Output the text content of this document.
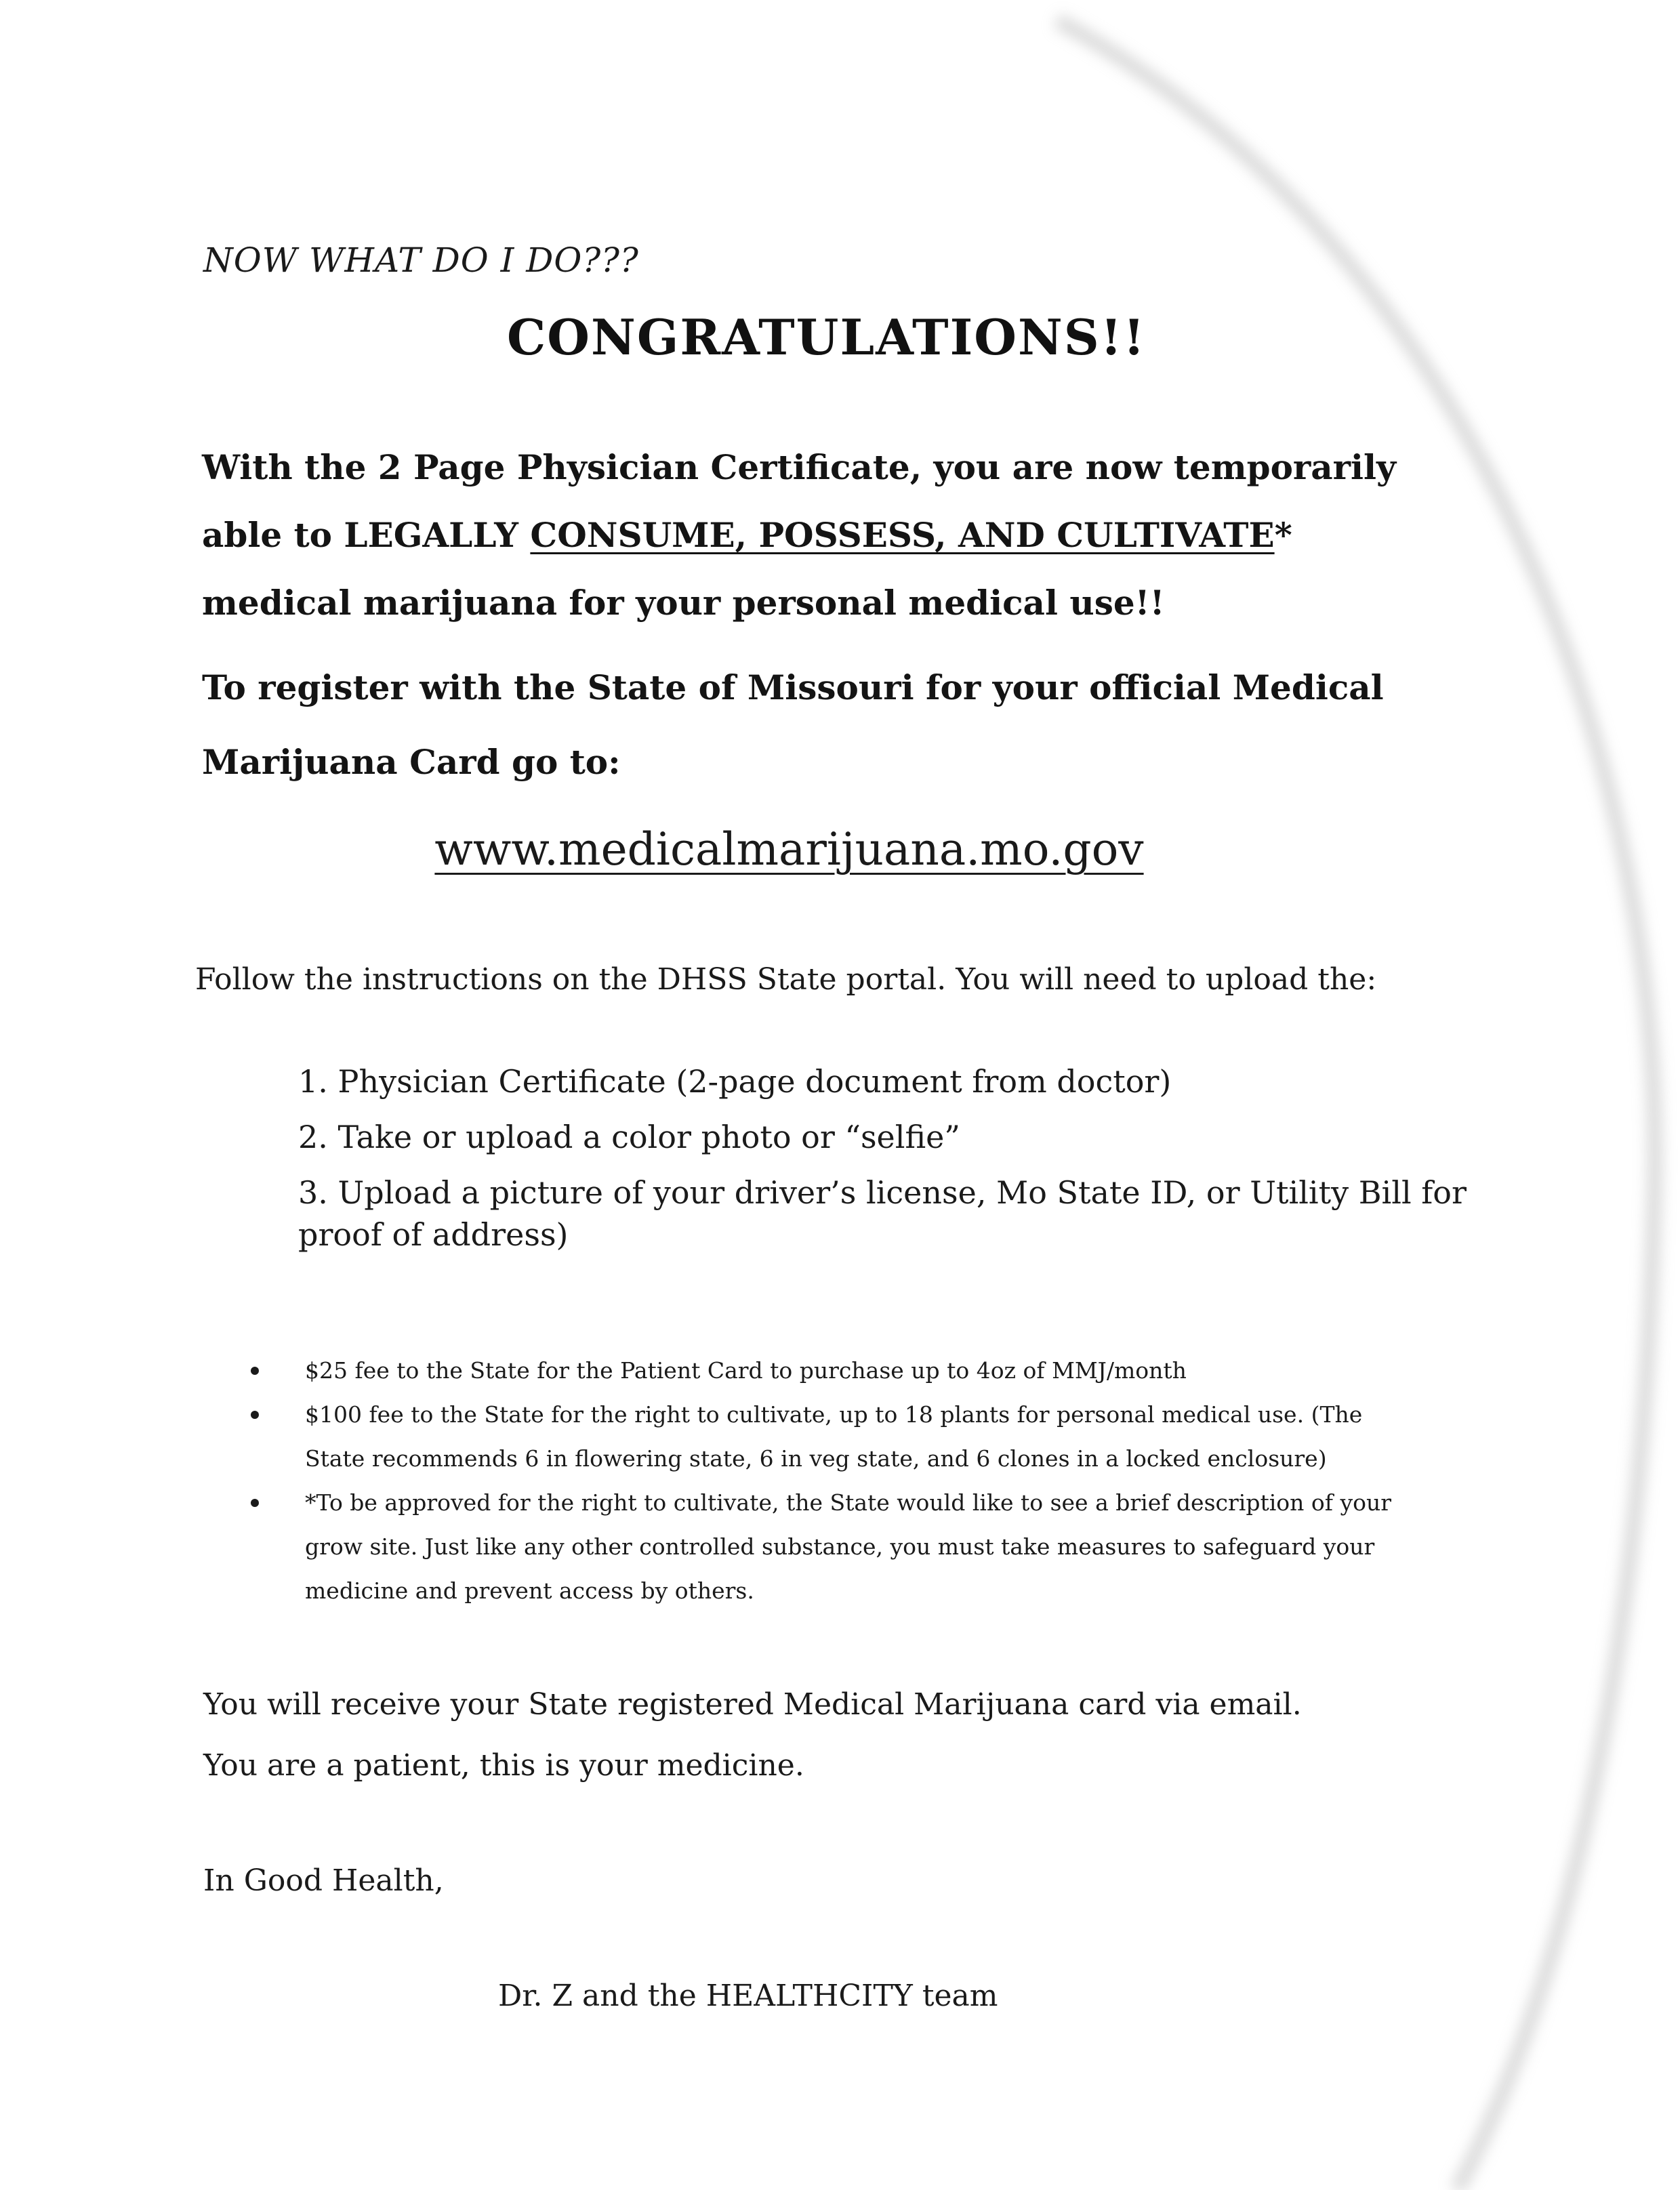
NOW WHAT DO I DO???
CONGRATULATIONS!!
With the 2 Page Physician Certificate, you are now temporarily
able to LEGALLY CONSUME, POSSESS, AND CULTIVATE*
medical marijuana for your personal medical use!!
To register with the State of Missouri for your official Medical
Marijuana Card go to:
www.medicalmarijuana.mo.gov
Follow the instructions on the DHSS State portal. You will need to upload the:
1. Physician Certificate (2-page document from doctor)
2. Take or upload a color photo or “selfie”
3. Upload a picture of your driver’s license, Mo State ID, or Utility Bill for
proof of address)
$25 fee to the State for the Patient Card to purchase up to 4oz of MMJ/month
$100 fee to the State for the right to cultivate, up to 18 plants for personal medical use. (The
State recommends 6 in flowering state, 6 in veg state, and 6 clones in a locked enclosure)
*To be approved for the right to cultivate, the State would like to see a brief description of your
grow site. Just like any other controlled substance, you must take measures to safeguard your
medicine and prevent access by others.
You will receive your State registered Medical Marijuana card via email.
You are a patient, this is your medicine.
In Good Health,
Dr. Z and the HEALTHCITY team
